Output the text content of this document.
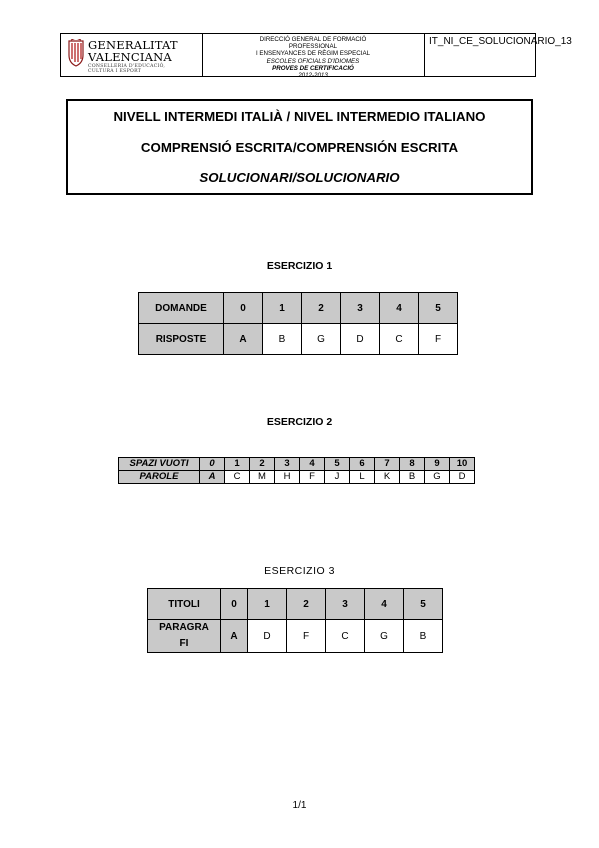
GENERALITAT
VALENCIANA
CONSELLERIA D'EDUCACIÓ,
CULTURA I ESPORT
DIRECCIÓ GENERAL DE FORMACIÓ
PROFESSIONAL
I ENSENYANCES DE RÈGIM ESPECIAL
ESCOLES OFICIALS D'IDIOMES
PROVES DE CERTIFICACIÓ
2012-2013
IT_NI_CE_SOLUCIONARIO_13
NIVELL INTERMEDI ITALIÀ / NIVEL INTERMEDIO ITALIANO
COMPRENSIÓ ESCRITA/COMPRENSIÓN ESCRITA
SOLUCIONARI/SOLUCIONARIO
ESERCIZIO 1
DOMANDE	0	1	2	3	4	5
RISPOSTE	A	B	G	D	C	F
ESERCIZIO 2
SPAZI VUOTI	0	1	2	3	4	5	6	7	8	9	10
PAROLE	A	C	M	H	F	J	L	K	B	G	D
ESERCIZIO 3
TITOLI	0	1	2	3	4	5

PARAGRA
FI	A	D	F	C	G	B
1/1
